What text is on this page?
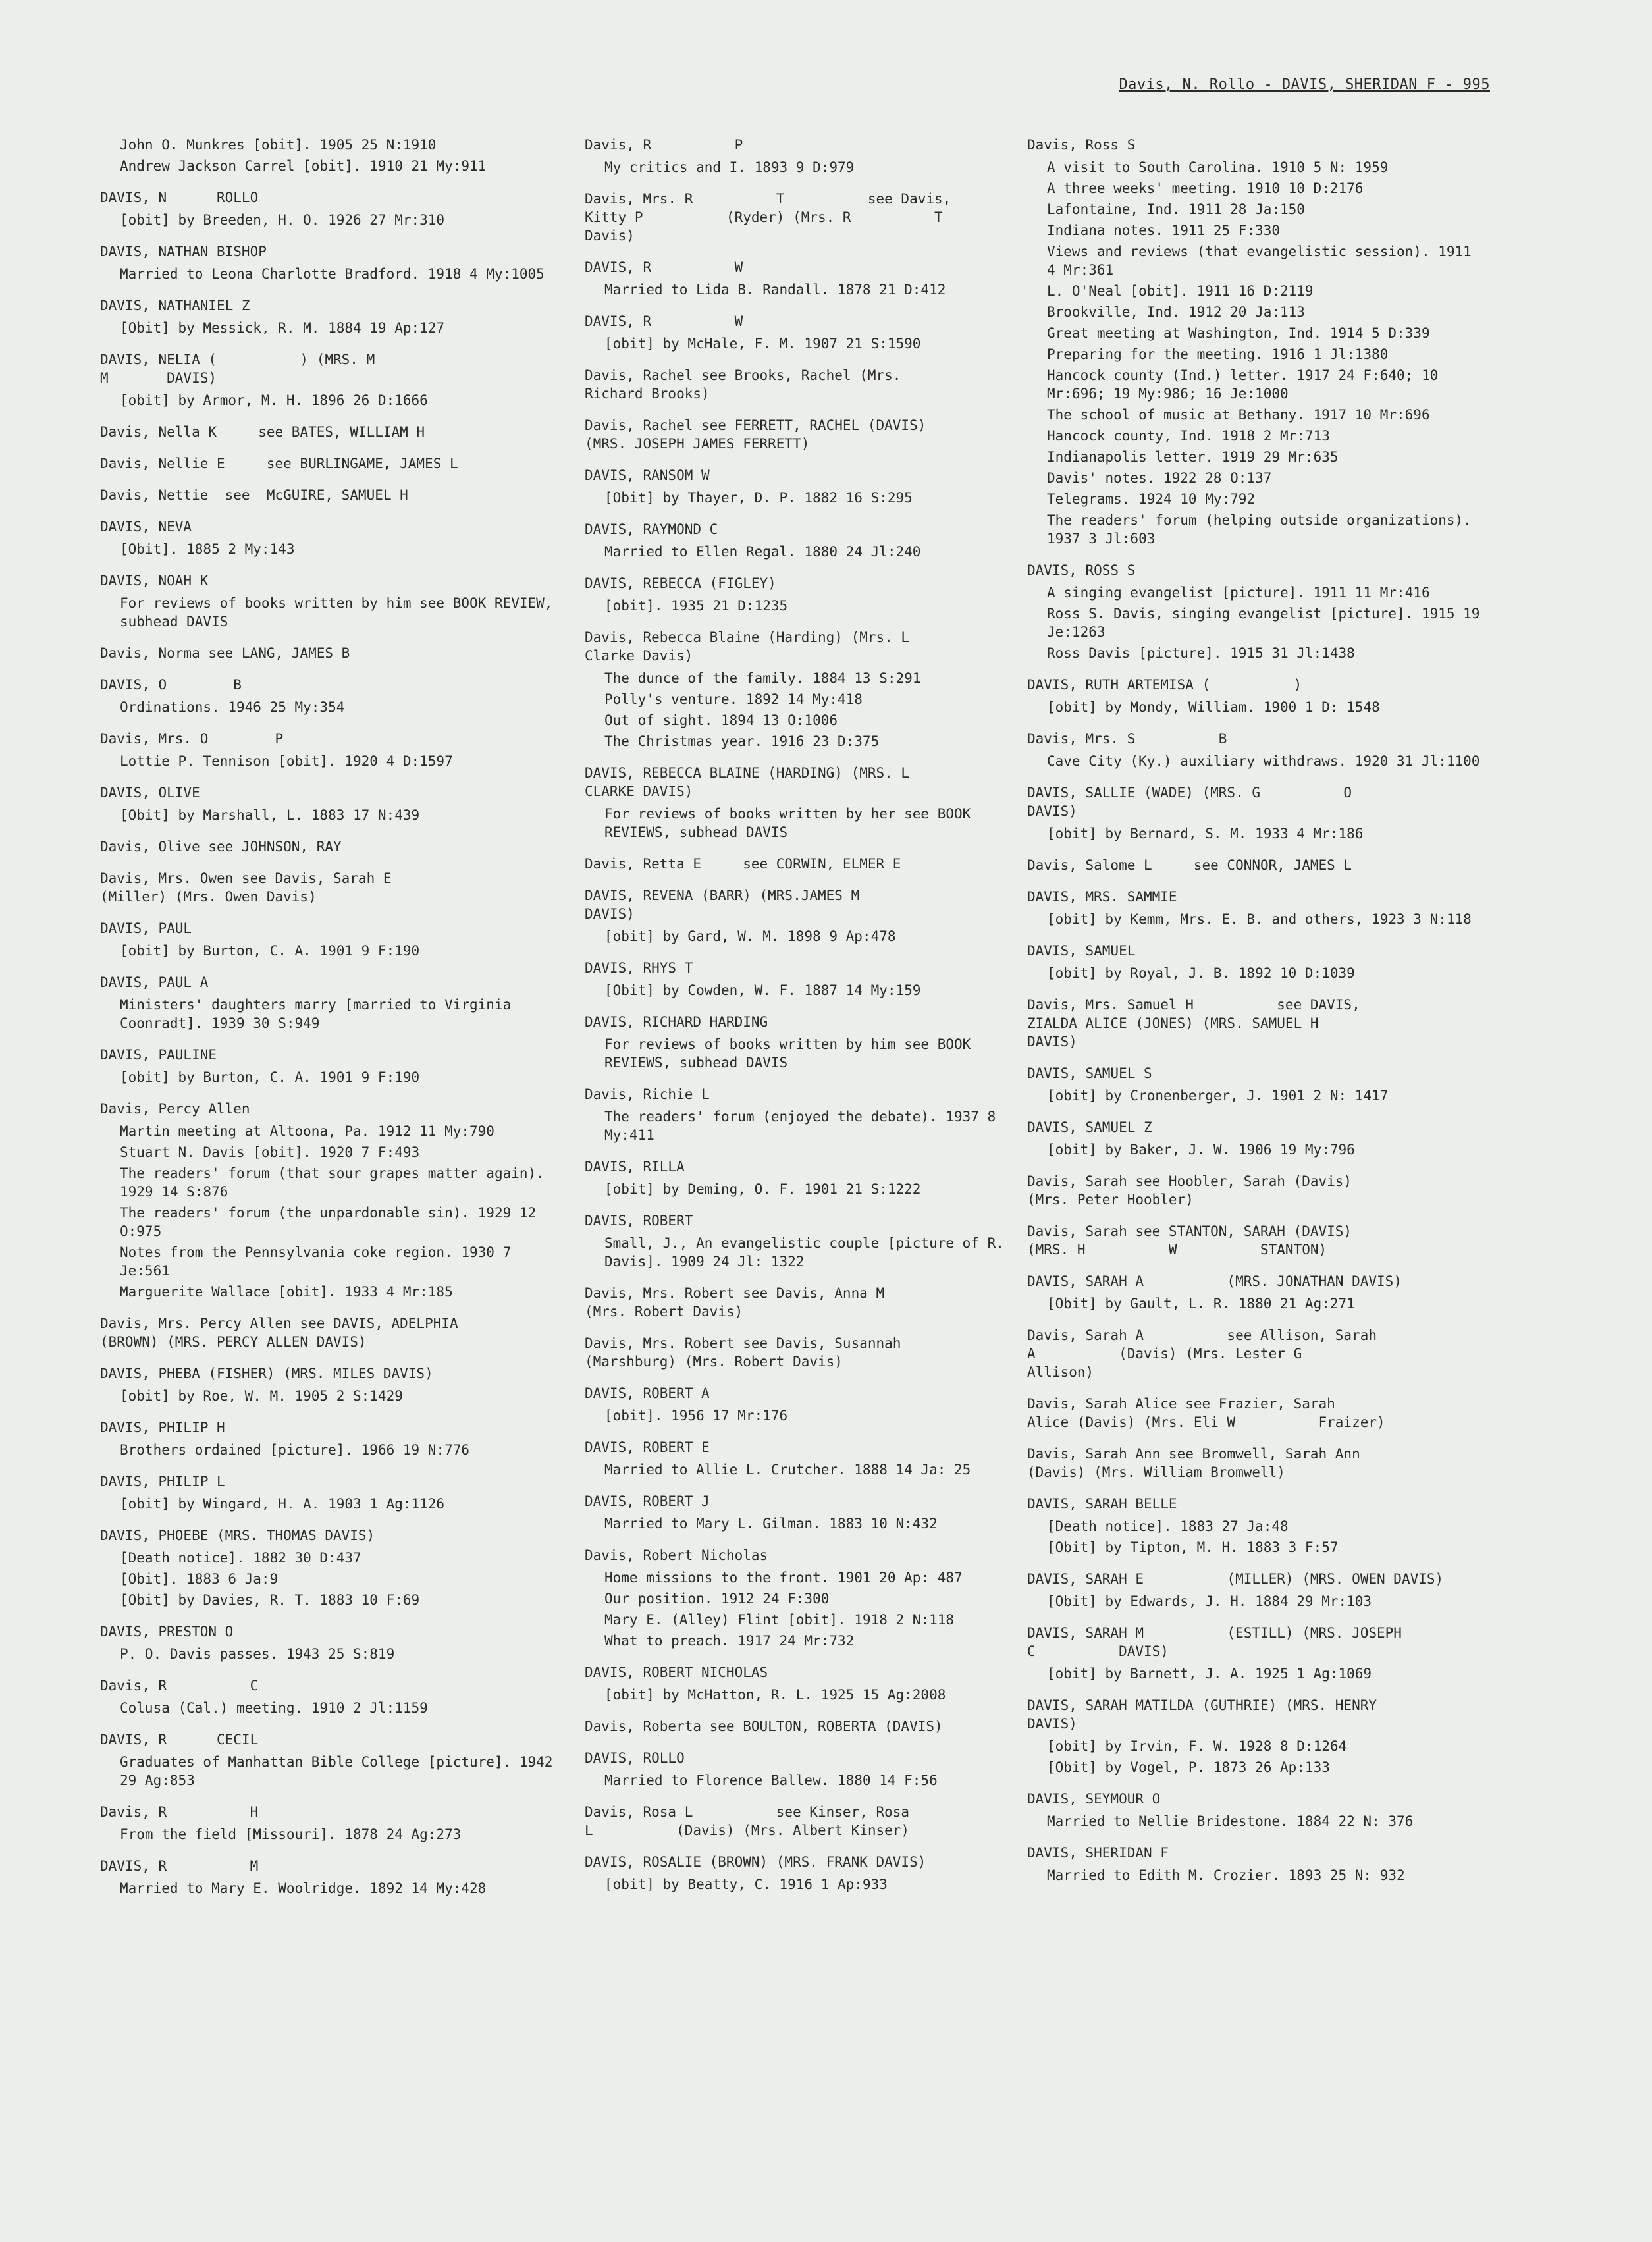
Davis, N. Rollo - DAVIS, SHERIDAN F - 995
John O. Munkres [obit]. 1905 25 N:1910
Andrew Jackson Carrel [obit]. 1910 21 My:911
DAVIS, N      ROLLO
[obit] by Breeden, H. O. 1926 27 Mr:310
DAVIS, NATHAN BISHOP
Married to Leona Charlotte Bradford. 1918 4 My:1005
DAVIS, NATHANIEL Z
[Obit] by Messick, R. M. 1884 19 Ap:127
DAVIS, NELIA (          ) (MRS. M
M       DAVIS)
[obit] by Armor, M. H. 1896 26 D:1666
Davis, Nella K     see BATES, WILLIAM H
Davis, Nellie E     see BURLINGAME, JAMES L
Davis, Nettie  see  McGUIRE, SAMUEL H
DAVIS, NEVA
[Obit]. 1885 2 My:143
DAVIS, NOAH K
For reviews of books written by him see BOOK REVIEW, subhead DAVIS
Davis, Norma see LANG, JAMES B
DAVIS, O        B
Ordinations. 1946 25 My:354
Davis, Mrs. O        P
Lottie P. Tennison [obit]. 1920 4 D:1597
DAVIS, OLIVE
[Obit] by Marshall, L. 1883 17 N:439
Davis, Olive see JOHNSON, RAY
Davis, Mrs. Owen see Davis, Sarah E
(Miller) (Mrs. Owen Davis)
DAVIS, PAUL
[obit] by Burton, C. A. 1901 9 F:190
DAVIS, PAUL A
Ministers' daughters marry [married to Virginia Coonradt]. 1939 30 S:949
DAVIS, PAULINE
[obit] by Burton, C. A. 1901 9 F:190
Davis, Percy Allen
Martin meeting at Altoona, Pa. 1912 11 My:790
Stuart N. Davis [obit]. 1920 7 F:493
The readers' forum (that sour grapes matter again). 1929 14 S:876
The readers' forum (the unpardonable sin). 1929 12 O:975
Notes from the Pennsylvania coke region. 1930 7 Je:561
Marguerite Wallace [obit]. 1933 4 Mr:185
Davis, Mrs. Percy Allen see DAVIS, ADELPHIA
(BROWN) (MRS. PERCY ALLEN DAVIS)
DAVIS, PHEBA (FISHER) (MRS. MILES DAVIS)
[obit] by Roe, W. M. 1905 2 S:1429
DAVIS, PHILIP H
Brothers ordained [picture]. 1966 19 N:776
DAVIS, PHILIP L
[obit] by Wingard, H. A. 1903 1 Ag:1126
DAVIS, PHOEBE (MRS. THOMAS DAVIS)
[Death notice]. 1882 30 D:437
[Obit]. 1883 6 Ja:9
[Obit] by Davies, R. T. 1883 10 F:69
DAVIS, PRESTON O
P. O. Davis passes. 1943 25 S:819
Davis, R          C
Colusa (Cal.) meeting. 1910 2 Jl:1159
DAVIS, R      CECIL
Graduates of Manhattan Bible College [picture]. 1942 29 Ag:853
Davis, R          H
From the field [Missouri]. 1878 24 Ag:273
DAVIS, R          M
Married to Mary E. Woolridge. 1892 14 My:428
Davis, R          P
My critics and I. 1893 9 D:979
Davis, Mrs. R          T          see Davis,
Kitty P          (Ryder) (Mrs. R          T
Davis)
DAVIS, R          W
Married to Lida B. Randall. 1878 21 D:412
DAVIS, R          W
[obit] by McHale, F. M. 1907 21 S:1590
Davis, Rachel see Brooks, Rachel (Mrs.
Richard Brooks)
Davis, Rachel see FERRETT, RACHEL (DAVIS)
(MRS. JOSEPH JAMES FERRETT)
DAVIS, RANSOM W
[Obit] by Thayer, D. P. 1882 16 S:295
DAVIS, RAYMOND C
Married to Ellen Regal. 1880 24 Jl:240
DAVIS, REBECCA (FIGLEY)
[obit]. 1935 21 D:1235
Davis, Rebecca Blaine (Harding) (Mrs. L
Clarke Davis)
The dunce of the family. 1884 13 S:291
Polly's venture. 1892 14 My:418
Out of sight. 1894 13 O:1006
The Christmas year. 1916 23 D:375
DAVIS, REBECCA BLAINE (HARDING) (MRS. L
CLARKE DAVIS)
For reviews of books written by her see BOOK REVIEWS, subhead DAVIS
Davis, Retta E     see CORWIN, ELMER E
DAVIS, REVENA (BARR) (MRS.JAMES M
DAVIS)
[obit] by Gard, W. M. 1898 9 Ap:478
DAVIS, RHYS T
[Obit] by Cowden, W. F. 1887 14 My:159
DAVIS, RICHARD HARDING
For reviews of books written by him see BOOK REVIEWS, subhead DAVIS
Davis, Richie L
The readers' forum (enjoyed the debate). 1937 8 My:411
DAVIS, RILLA
[obit] by Deming, O. F. 1901 21 S:1222
DAVIS, ROBERT
Small, J., An evangelistic couple [picture of R. Davis]. 1909 24 Jl: 1322
Davis, Mrs. Robert see Davis, Anna M
(Mrs. Robert Davis)
Davis, Mrs. Robert see Davis, Susannah
(Marshburg) (Mrs. Robert Davis)
DAVIS, ROBERT A
[obit]. 1956 17 Mr:176
DAVIS, ROBERT E
Married to Allie L. Crutcher. 1888 14 Ja: 25
DAVIS, ROBERT J
Married to Mary L. Gilman. 1883 10 N:432
Davis, Robert Nicholas
Home missions to the front. 1901 20 Ap: 487
Our position. 1912 24 F:300
Mary E. (Alley) Flint [obit]. 1918 2 N:118
What to preach. 1917 24 Mr:732
DAVIS, ROBERT NICHOLAS
[obit] by McHatton, R. L. 1925 15 Ag:2008
Davis, Roberta see BOULTON, ROBERTA (DAVIS)
DAVIS, ROLLO
Married to Florence Ballew. 1880 14 F:56
Davis, Rosa L          see Kinser, Rosa
L          (Davis) (Mrs. Albert Kinser)
DAVIS, ROSALIE (BROWN) (MRS. FRANK DAVIS)
[obit] by Beatty, C. 1916 1 Ap:933
Davis, Ross S
A visit to South Carolina. 1910 5 N: 1959
A three weeks' meeting. 1910 10 D:2176
Lafontaine, Ind. 1911 28 Ja:150
Indiana notes. 1911 25 F:330
Views and reviews (that evangelistic session). 1911 4 Mr:361
L. O'Neal [obit]. 1911 16 D:2119
Brookville, Ind. 1912 20 Ja:113
Great meeting at Washington, Ind. 1914 5 D:339
Preparing for the meeting. 1916 1 Jl:1380
Hancock county (Ind.) letter. 1917 24 F:640; 10 Mr:696; 19 My:986; 16 Je:1000
The school of music at Bethany. 1917 10 Mr:696
Hancock county, Ind. 1918 2 Mr:713
Indianapolis letter. 1919 29 Mr:635
Davis' notes. 1922 28 O:137
Telegrams. 1924 10 My:792
The readers' forum (helping outside organizations). 1937 3 Jl:603
DAVIS, ROSS S
A singing evangelist [picture]. 1911 11 Mr:416
Ross S. Davis, singing evangelist [picture]. 1915 19 Je:1263
Ross Davis [picture]. 1915 31 Jl:1438
DAVIS, RUTH ARTEMISA (          )
[obit] by Mondy, William. 1900 1 D: 1548
Davis, Mrs. S          B
Cave City (Ky.) auxiliary withdraws. 1920 31 Jl:1100
DAVIS, SALLIE (WADE) (MRS. G          O
DAVIS)
[obit] by Bernard, S. M. 1933 4 Mr:186
Davis, Salome L     see CONNOR, JAMES L
DAVIS, MRS. SAMMIE
[obit] by Kemm, Mrs. E. B. and others, 1923 3 N:118
DAVIS, SAMUEL
[obit] by Royal, J. B. 1892 10 D:1039
Davis, Mrs. Samuel H          see DAVIS,
ZIALDA ALICE (JONES) (MRS. SAMUEL H
DAVIS)
DAVIS, SAMUEL S
[obit] by Cronenberger, J. 1901 2 N: 1417
DAVIS, SAMUEL Z
[obit] by Baker, J. W. 1906 19 My:796
Davis, Sarah see Hoobler, Sarah (Davis)
(Mrs. Peter Hoobler)
Davis, Sarah see STANTON, SARAH (DAVIS)
(MRS. H          W          STANTON)
DAVIS, SARAH A          (MRS. JONATHAN DAVIS)
[Obit] by Gault, L. R. 1880 21 Ag:271
Davis, Sarah A          see Allison, Sarah
A          (Davis) (Mrs. Lester G
Allison)
Davis, Sarah Alice see Frazier, Sarah
Alice (Davis) (Mrs. Eli W          Fraizer)
Davis, Sarah Ann see Bromwell, Sarah Ann
(Davis) (Mrs. William Bromwell)
DAVIS, SARAH BELLE
[Death notice]. 1883 27 Ja:48
[Obit] by Tipton, M. H. 1883 3 F:57
DAVIS, SARAH E          (MILLER) (MRS. OWEN DAVIS)
[Obit] by Edwards, J. H. 1884 29 Mr:103
DAVIS, SARAH M          (ESTILL) (MRS. JOSEPH
C          DAVIS)
[obit] by Barnett, J. A. 1925 1 Ag:1069
DAVIS, SARAH MATILDA (GUTHRIE) (MRS. HENRY
DAVIS)
[obit] by Irvin, F. W. 1928 8 D:1264
[Obit] by Vogel, P. 1873 26 Ap:133
DAVIS, SEYMOUR O
Married to Nellie Bridestone. 1884 22 N: 376
DAVIS, SHERIDAN F
Married to Edith M. Crozier. 1893 25 N: 932
